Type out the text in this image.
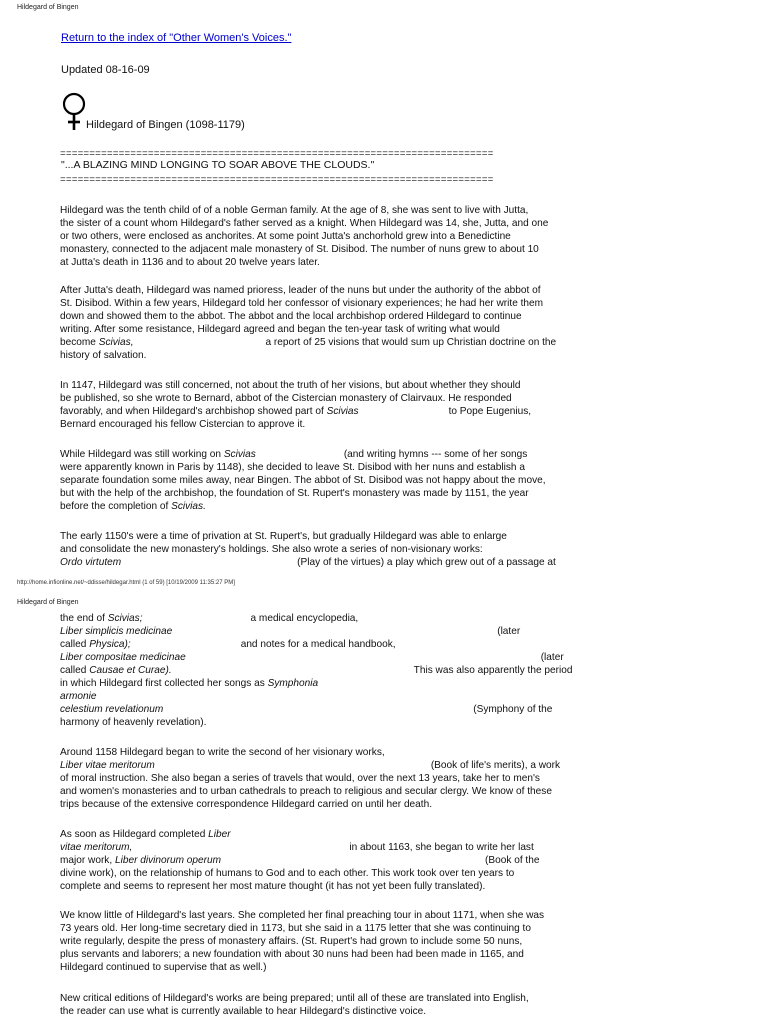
Hildegard of Bingen
Return to the index of "Other Women's Voices."
Updated 08-16-09
Hildegard of Bingen (1098-1179)
==========================================================================
"...A BLAZING MIND LONGING TO SOAR ABOVE THE CLOUDS."
==========================================================================
Hildegard was the tenth child of of a noble German family. At the age of 8, she was sent to live with Jutta,
the sister of a count whom Hildegard's father served as a knight. When Hildegard was 14, she, Jutta, and one
or two others, were enclosed as anchorites. At some point Jutta's anchorhold grew into a Benedictine
monastery, connected to the adjacent male monastery of St. Disibod. The number of nuns grew to about 10
at Jutta's death in 1136 and to about 20 twelve years later.
After Jutta's death, Hildegard was named prioress, leader of the nuns but under the authority of the abbot of
St. Disibod. Within a few years, Hildegard told her confessor of visionary experiences; he had her write them
down and showed them to the abbot. The abbot and the local archbishop ordered Hildegard to continue
writing. After some resistance, Hildegard agreed and began the ten-year task of writing what would
become Scivias,	a report of 25 visions that would sum up Christian doctrine on the
history of salvation.
In 1147, Hildegard was still concerned, not about the truth of her visions, but about whether they should
be published, so she wrote to Bernard, abbot of the Cistercian monastery of Clairvaux. He responded
favorably, and when Hildegard's archbishop showed part of Scivias	to Pope Eugenius,
Bernard encouraged his fellow Cistercian to approve it.
While Hildegard was still working on Scivias	(and writing hymns --- some of her songs
were apparently known in Paris by 1148), she decided to leave St. Disibod with her nuns and establish a
separate foundation some miles away, near Bingen. The abbot of St. Disibod was not happy about the move,
but with the help of the archbishop, the foundation of St. Rupert's monastery was made by 1151, the year
before the completion of Scivias.
The early 1150's were a time of privation at St. Rupert's, but gradually Hildegard was able to enlarge
and consolidate the new monastery's holdings. She also wrote a series of non-visionary works:
Ordo virtutem	(Play of the virtues) a play which grew out of a passage at
http://home.infionline.net/~ddisse/hildegar.html (1 of 59) [10/19/2009 11:35:27 PM]
Hildegard of Bingen
the end of Scivias;	a medical encyclopedia,
Liber simplicis medicinae	(later
called Physica);	and notes for a medical handbook,
Liber compositae medicinae	(later
called Causae et Curae).	This was also apparently the period
in which Hildegard first collected her songs as Symphonia
armonie
celestium revelationum	(Symphony of the
harmony of heavenly revelation).
Around 1158 Hildegard began to write the second of her visionary works,
Liber vitae meritorum	(Book of life's merits), a work
of moral instruction. She also began a series of travels that would, over the next 13 years, take her to men's
and women's monasteries and to urban cathedrals to preach to religious and secular clergy. We know of these
trips because of the extensive correspondence Hildegard carried on until her death.
As soon as Hildegard completed Liber
vitae meritorum,	in about 1163, she began to write her last
major work, Liber divinorum operum	(Book of the
divine work), on the relationship of humans to God and to each other. This work took over ten years to
complete and seems to represent her most mature thought (it has not yet been fully translated).
We know little of Hildegard's last years. She completed her final preaching tour in about 1171, when she was
73 years old. Her long-time secretary died in 1173, but she said in a 1175 letter that she was continuing to
write regularly, despite the press of monastery affairs. (St. Rupert's had grown to include some 50 nuns,
plus servants and laborers; a new foundation with about 30 nuns had been had been made in 1165, and
Hildegard continued to supervise that as well.)
New critical editions of Hildegard's works are being prepared; until all of these are translated into English,
the reader can use what is currently available to hear Hildegard's distinctive voice.
